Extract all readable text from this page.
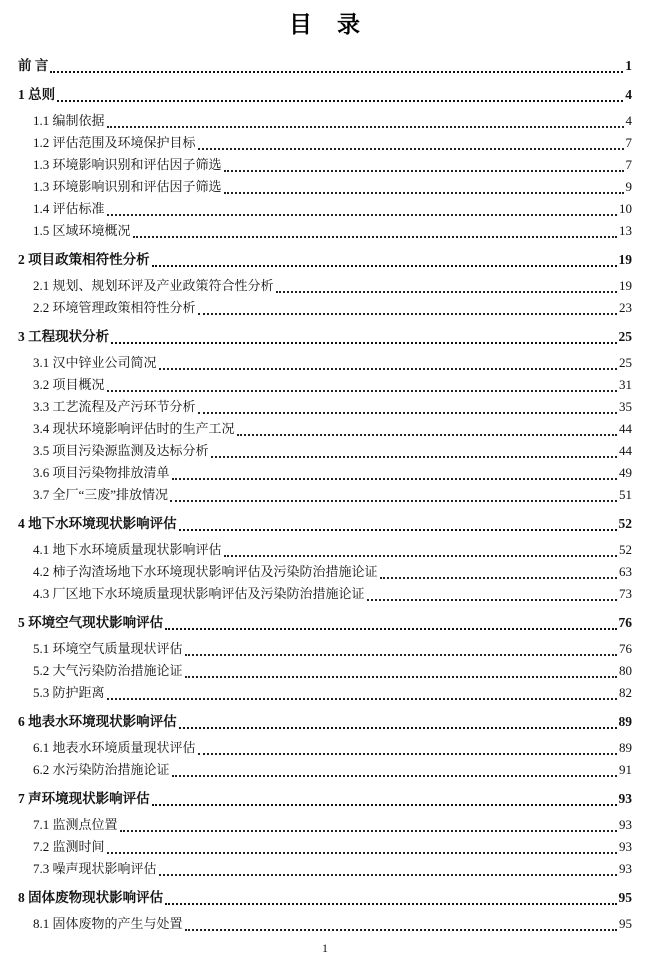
目　录
前 言	1
1 总则	4
1.1 编制依据	4
1.2 评估范围及环境保护目标	7
1.3 环境影响识别和评估因子筛选	7
1.3 环境影响识别和评估因子筛选	9
1.4 评估标准	10
1.5 区域环境概况	13
2 项目政策相符性分析	19
2.1 规划、规划环评及产业政策符合性分析	19
2.2 环境管理政策相符性分析	23
3 工程现状分析	25
3.1 汉中锌业公司简况	25
3.2 项目概况	31
3.3 工艺流程及产污环节分析	35
3.4 现状环境影响评估时的生产工况	44
3.5 项目污染源监测及达标分析	44
3.6 项目污染物排放清单	49
3.7 全厂“三废”排放情况	51
4 地下水环境现状影响评估	52
4.1 地下水环境质量现状影响评估	52
4.2 柿子沟渣场地下水环境现状影响评估及污染防治措施论证	63
4.3 厂区地下水环境质量现状影响评估及污染防治措施论证	73
5 环境空气现状影响评估	76
5.1 环境空气质量现状评估	76
5.2 大气污染防治措施论证	80
5.3 防护距离	82
6 地表水环境现状影响评估	89
6.1 地表水环境质量现状评估	89
6.2 水污染防治措施论证	91
7 声环境现状影响评估	93
7.1 监测点位置	93
7.2 监测时间	93
7.3 噪声现状影响评估	93
8 固体废物现状影响评估	95
8.1 固体废物的产生与处置	95
1
